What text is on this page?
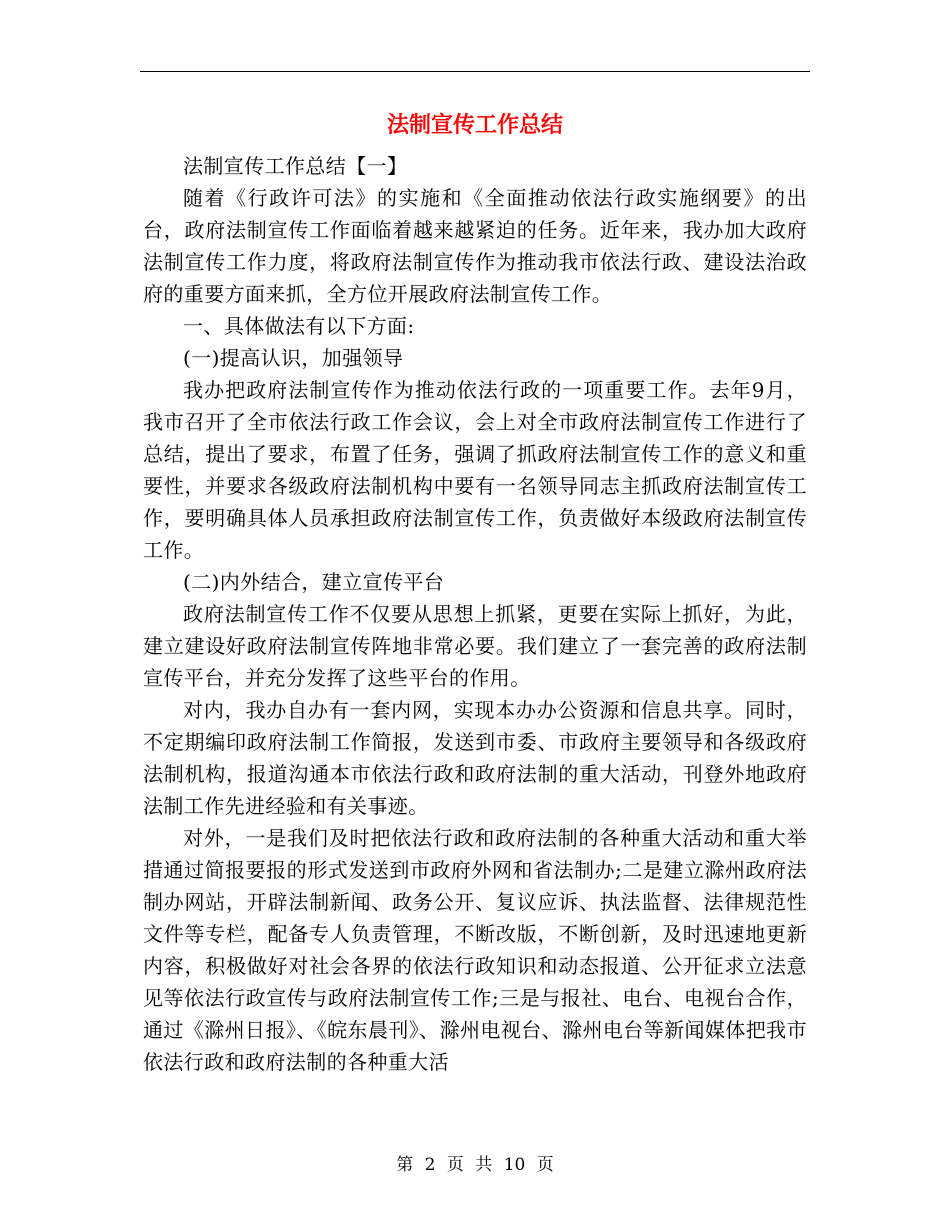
法制宣传工作总结

法制宣传工作总结【一】

随着《行政许可法》的实施和《全面推动依法行政实施纲要》的出台，政府法制宣传工作面临着越来越紧迫的任务。近年来，我办加大政府法制宣传工作力度，将政府法制宣传作为推动我市依法行政、建设法治政府的重要方面来抓，全方位开展政府法制宣传工作。

一、具体做法有以下方面:

(一)提高认识，加强领导

我办把政府法制宣传作为推动依法行政的一项重要工作。去年9月，我市召开了全市依法行政工作会议，会上对全市政府法制宣传工作进行了总结，提出了要求，布置了任务，强调了抓政府法制宣传工作的意义和重要性，并要求各级政府法制机构中要有一名领导同志主抓政府法制宣传工作，要明确具体人员承担政府法制宣传工作，负责做好本级政府法制宣传工作。

(二)内外结合，建立宣传平台

政府法制宣传工作不仅要从思想上抓紧，更要在实际上抓好，为此，建立建设好政府法制宣传阵地非常必要。我们建立了一套完善的政府法制宣传平台，并充分发挥了这些平台的作用。

对内，我办自办有一套内网，实现本办办公资源和信息共享。同时，不定期编印政府法制工作简报，发送到市委、市政府主要领导和各级政府法制机构，报道沟通本市依法行政和政府法制的重大活动，刊登外地政府法制工作先进经验和有关事迹。

对外，一是我们及时把依法行政和政府法制的各种重大活动和重大举措通过简报要报的形式发送到市政府外网和省法制办;二是建立滁州政府法制办网站，开辟法制新闻、政务公开、复议应诉、执法监督、法律规范性文件等专栏，配备专人负责管理，不断改版，不断创新，及时迅速地更新内容，积极做好对社会各界的依法行政知识和动态报道、公开征求立法意见等依法行政宣传与政府法制宣传工作;三是与报社、电台、电视台合作，通过《滁州日报》、《皖东晨刊》、滁州电视台、滁州电台等新闻媒体把我市依法行政和政府法制的各种重大活

第 2 页 共 10 页
